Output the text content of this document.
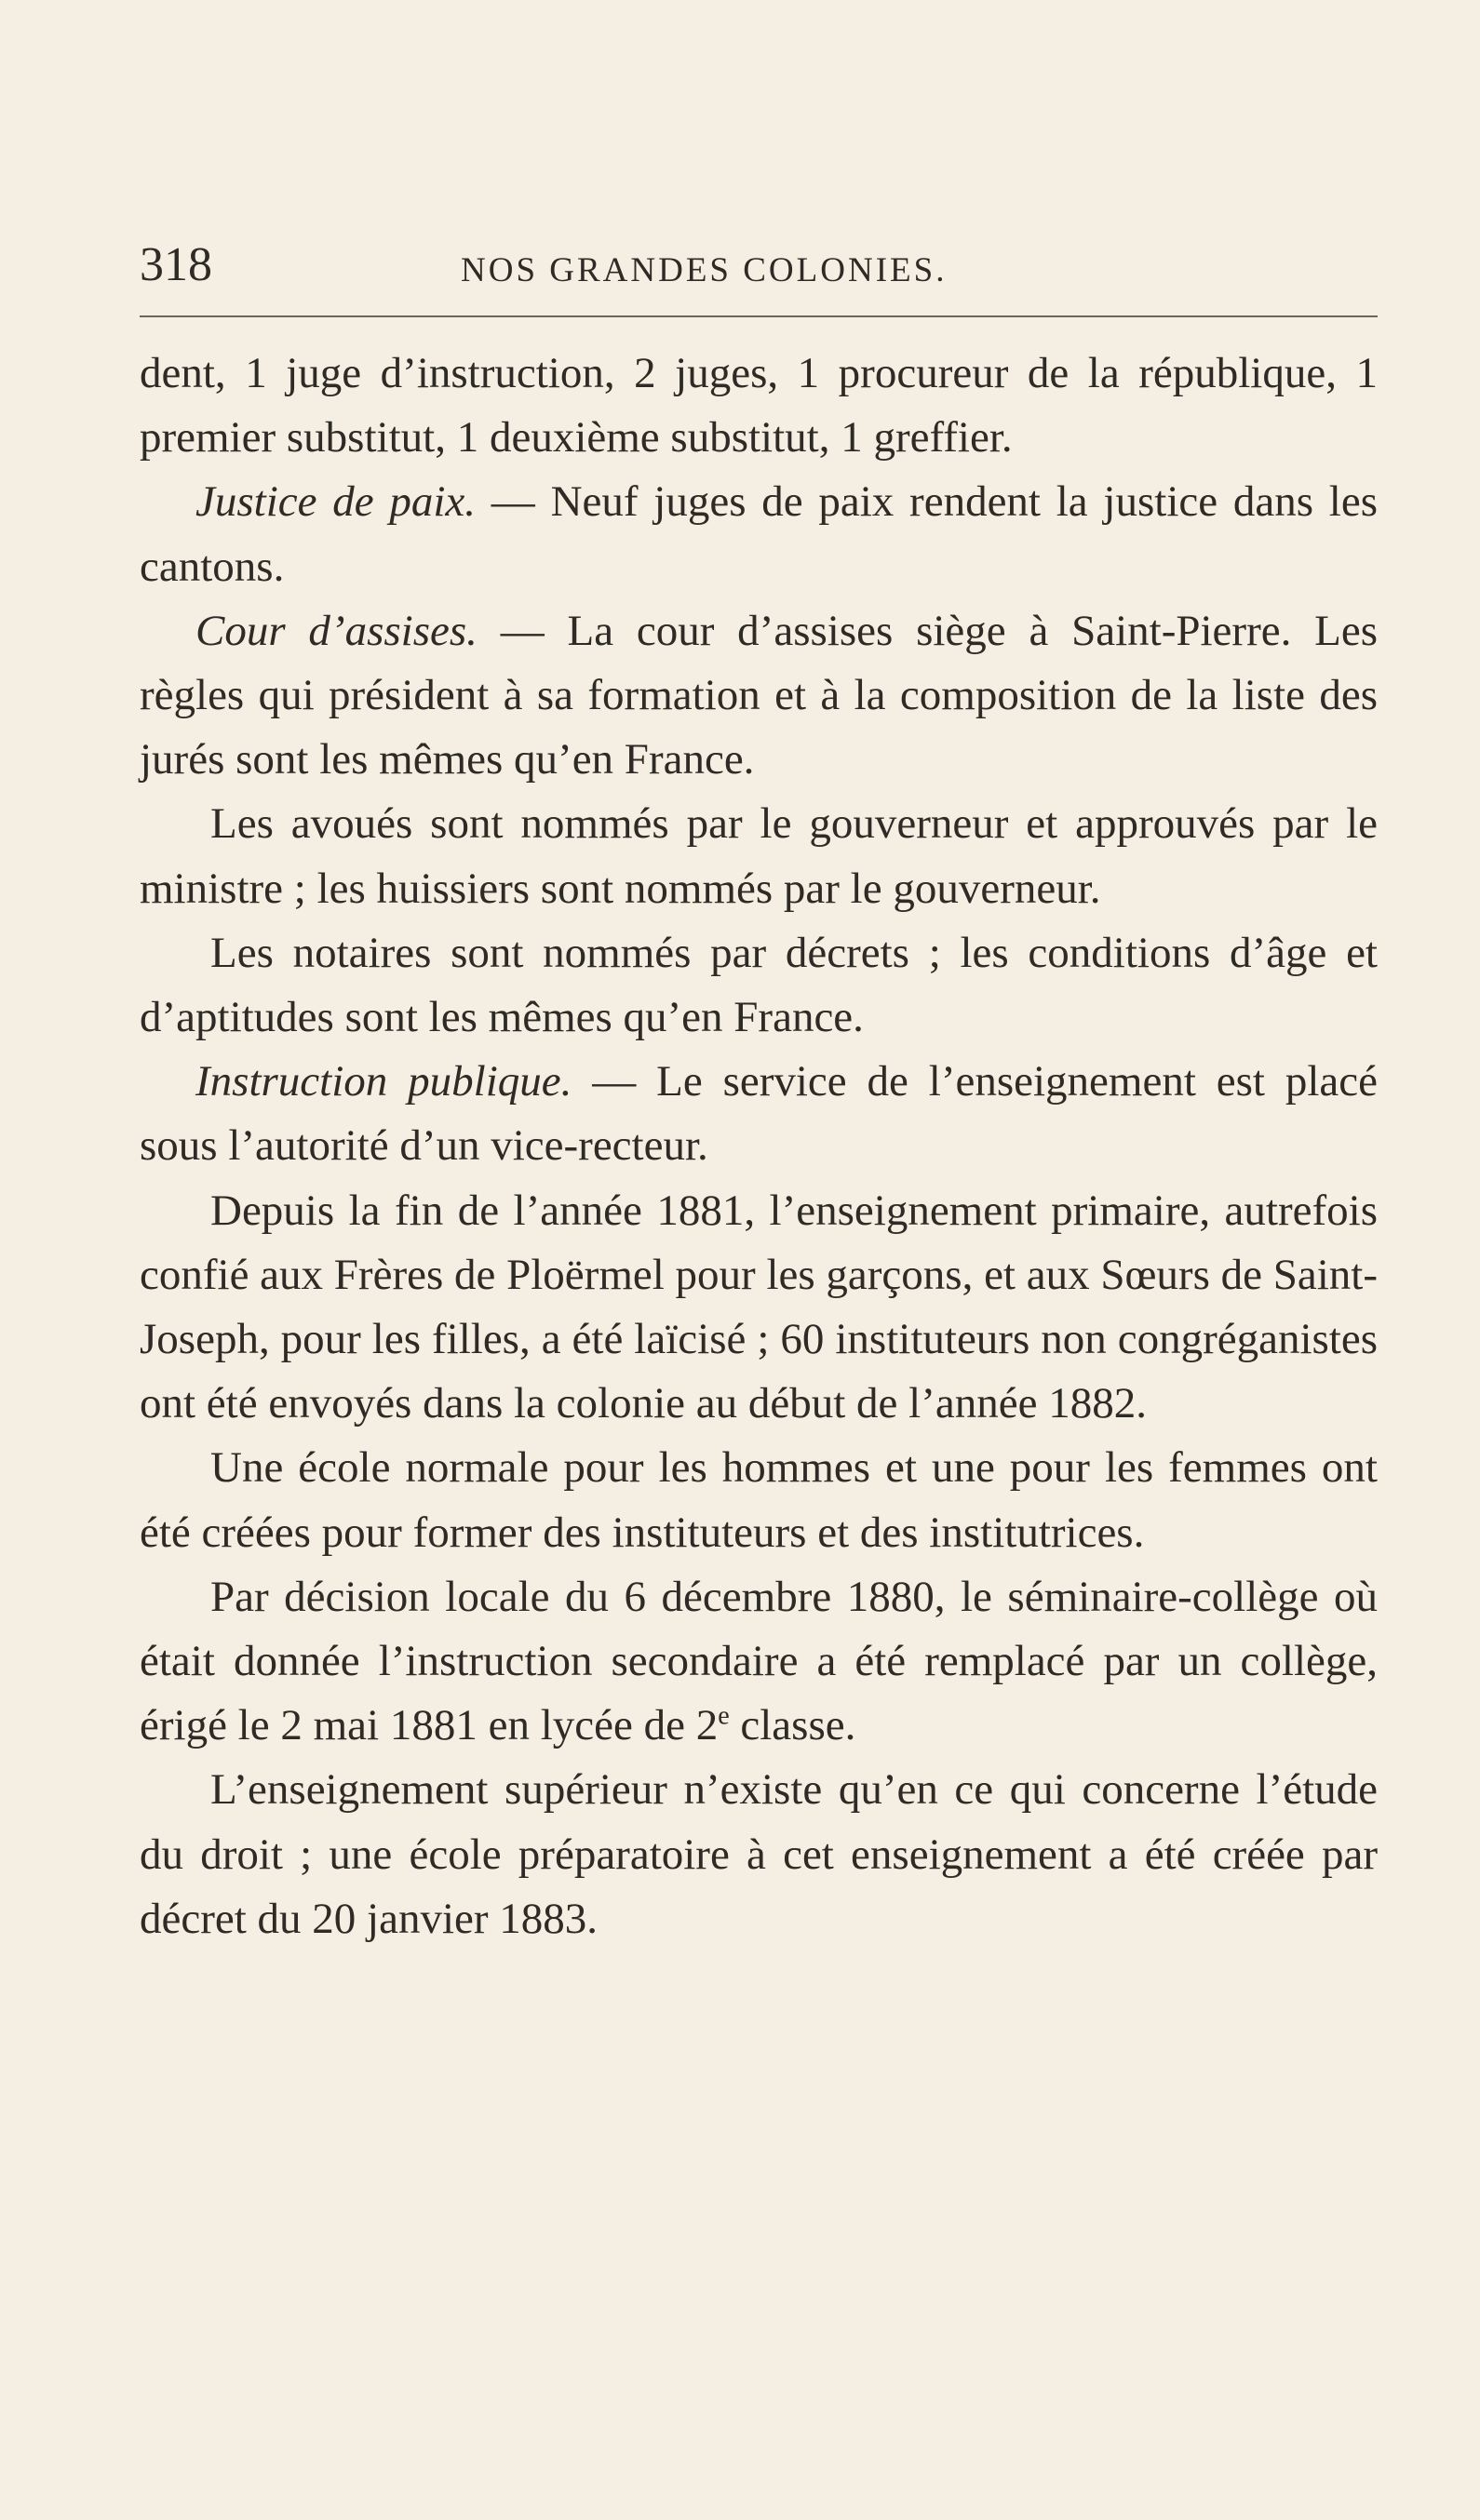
318	NOS GRANDES COLONIES.

dent, 1 juge d’instruction, 2 juges, 1 procureur de la république, 1 premier substitut, 1 deuxième substitut, 1 greffier.

Justice de paix. — Neuf juges de paix rendent la justice dans les cantons.

Cour d’assises. — La cour d’assises siège à Saint-Pierre. Les règles qui président à sa formation et à la composition de la liste des jurés sont les mêmes qu’en France.

Les avoués sont nommés par le gouverneur et approuvés par le ministre ; les huissiers sont nommés par le gouverneur.

Les notaires sont nommés par décrets ; les conditions d’âge et d’aptitudes sont les mêmes qu’en France.

Instruction publique. — Le service de l’enseignement est placé sous l’autorité d’un vice-recteur.

Depuis la fin de l’année 1881, l’enseignement primaire, autrefois confié aux Frères de Ploërmel pour les garçons, et aux Sœurs de Saint-Joseph, pour les filles, a été laïcisé ; 60 instituteurs non congréganistes ont été envoyés dans la colonie au début de l’année 1882.

Une école normale pour les hommes et une pour les femmes ont été créées pour former des instituteurs et des institutrices.

Par décision locale du 6 décembre 1880, le séminaire-collège où était donnée l’instruction secondaire a été remplacé par un collège, érigé le 2 mai 1881 en lycée de 2e classe.

L’enseignement supérieur n’existe qu’en ce qui concerne l’étude du droit ; une école préparatoire à cet enseignement a été créée par décret du 20 janvier 1883.
